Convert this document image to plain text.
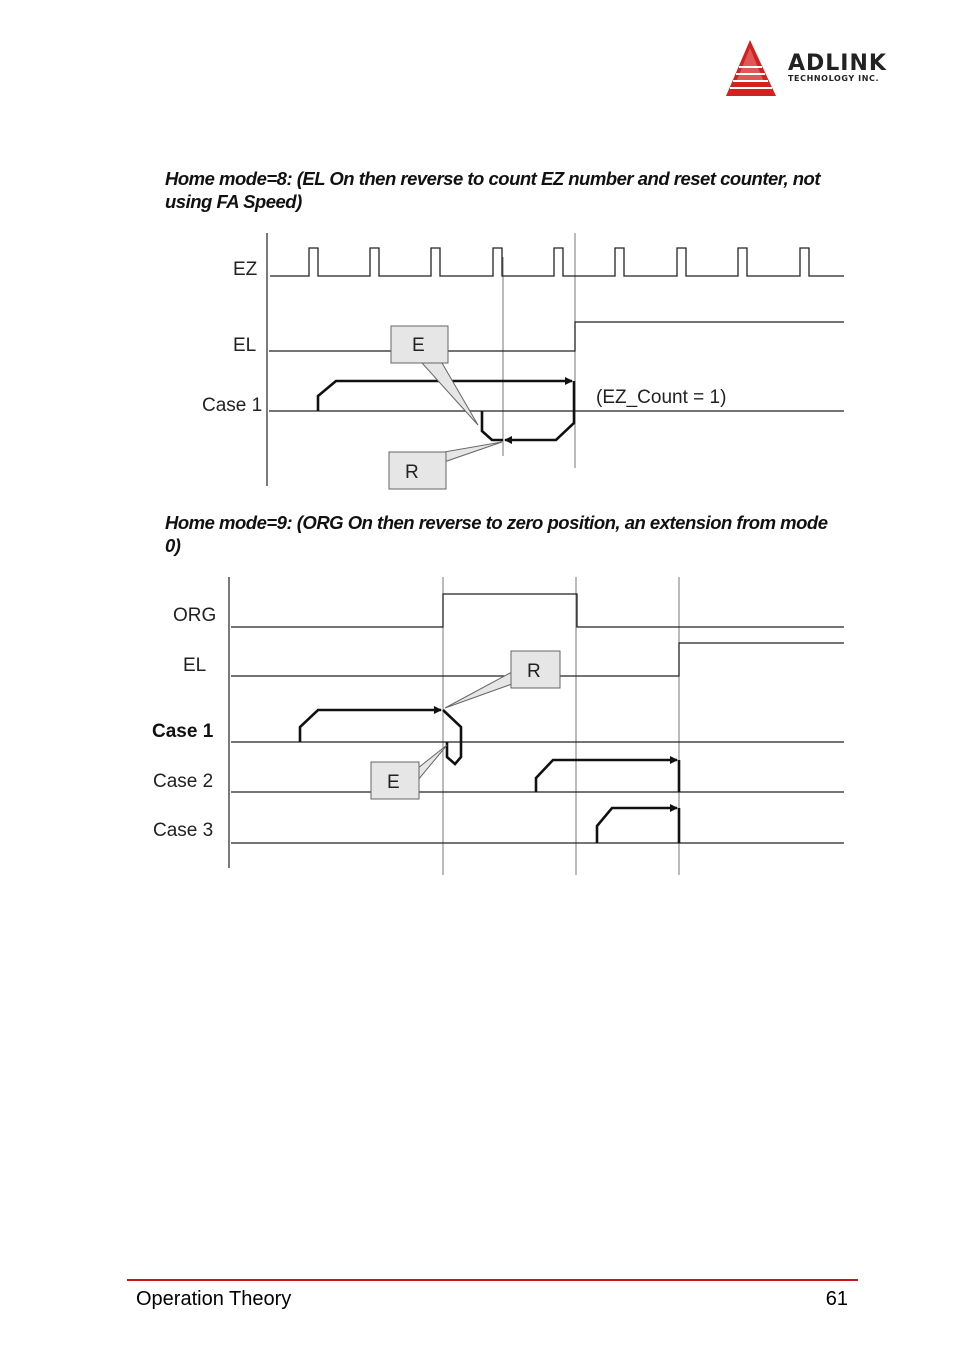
ADLINK
TECHNOLOGY INC.
Home mode=8: (EL On then reverse to count EZ number and reset counter, not using FA Speed)
Home mode=9: (ORG On then reverse to zero position, an extension from mode 0)
E
R
EZ
EL
Case 1	(EZ_Count = 1)
R
E
ORG
EL
Case 1
Case 2
Case 3
Operation Theory	61
